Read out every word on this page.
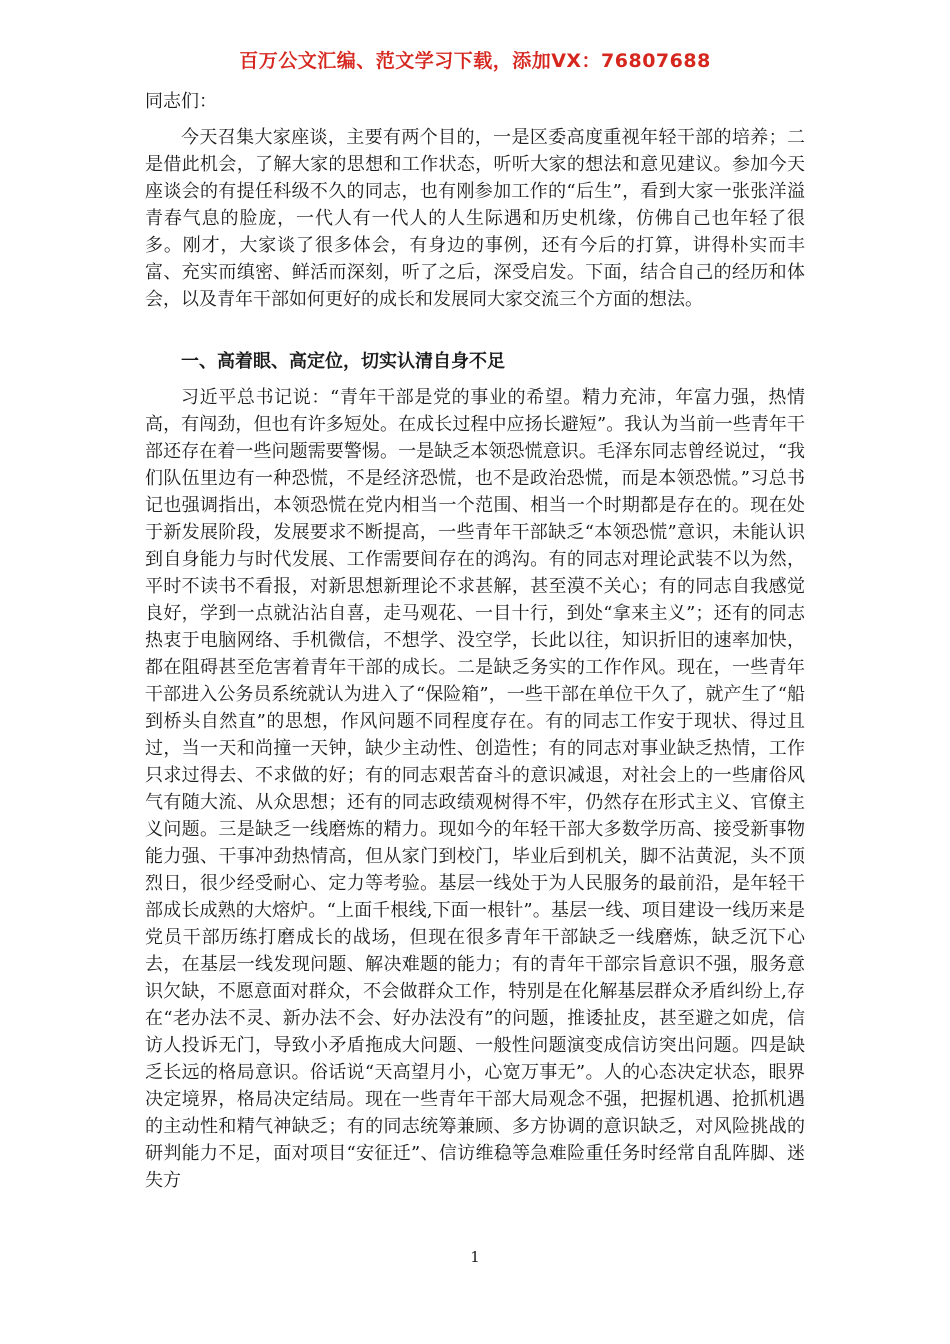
百万公文汇编、范文学习下载，添加VX：76807688

同志们：

今天召集大家座谈，主要有两个目的，一是区委高度重视年轻干部的培养；二是借此机会，了解大家的思想和工作状态，听听大家的想法和意见建议。参加今天座谈会的有提任科级不久的同志，也有刚参加工作的“后生”，看到大家一张张洋溢青春气息的脸庞，一代人有一代人的人生际遇和历史机缘，仿佛自己也年轻了很多。刚才，大家谈了很多体会，有身边的事例，还有今后的打算，讲得朴实而丰富、充实而缜密、鲜活而深刻，听了之后，深受启发。下面，结合自己的经历和体会，以及青年干部如何更好的成长和发展同大家交流三个方面的想法。

一、高着眼、高定位，切实认清自身不足

习近平总书记说：“青年干部是党的事业的希望。精力充沛，年富力强，热情高，有闯劲，但也有许多短处。在成长过程中应扬长避短”。我认为当前一些青年干部还存在着一些问题需要警惕。一是缺乏本领恐慌意识。毛泽东同志曾经说过，“我们队伍里边有一种恐慌，不是经济恐慌，也不是政治恐慌，而是本领恐慌。”习总书记也强调指出，本领恐慌在党内相当一个范围、相当一个时期都是存在的。现在处于新发展阶段，发展要求不断提高，一些青年干部缺乏“本领恐慌”意识，未能认识到自身能力与时代发展、工作需要间存在的鸿沟。有的同志对理论武装不以为然，平时不读书不看报，对新思想新理论不求甚解，甚至漠不关心；有的同志自我感觉良好，学到一点就沾沾自喜，走马观花、一目十行，到处“拿来主义”；还有的同志热衷于电脑网络、手机微信，不想学、没空学，长此以往，知识折旧的速率加快，都在阻碍甚至危害着青年干部的成长。二是缺乏务实的工作作风。现在，一些青年干部进入公务员系统就认为进入了“保险箱”，一些干部在单位干久了，就产生了“船到桥头自然直”的思想，作风问题不同程度存在。有的同志工作安于现状、得过且过，当一天和尚撞一天钟，缺少主动性、创造性；有的同志对事业缺乏热情，工作只求过得去、不求做的好；有的同志艰苦奋斗的意识减退，对社会上的一些庸俗风气有随大流、从众思想；还有的同志政绩观树得不牢，仍然存在形式主义、官僚主义问题。三是缺乏一线磨炼的精力。现如今的年轻干部大多数学历高、接受新事物能力强、干事冲劲热情高，但从家门到校门，毕业后到机关，脚不沾黄泥，头不顶烈日，很少经受耐心、定力等考验。基层一线处于为人民服务的最前沿，是年轻干部成长成熟的大熔炉。“上面千根线,下面一根针”。基层一线、项目建设一线历来是党员干部历练打磨成长的战场，但现在很多青年干部缺乏一线磨炼，缺乏沉下心去，在基层一线发现问题、解决难题的能力；有的青年干部宗旨意识不强，服务意识欠缺，不愿意面对群众，不会做群众工作，特别是在化解基层群众矛盾纠纷上,存在“老办法不灵、新办法不会、好办法没有”的问题，推诿扯皮，甚至避之如虎，信访人投诉无门，导致小矛盾拖成大问题、一般性问题演变成信访突出问题。四是缺乏长远的格局意识。俗话说“天高望月小，心宽万事无”。人的心态决定状态，眼界决定境界，格局决定结局。现在一些青年干部大局观念不强，把握机遇、抢抓机遇的主动性和精气神缺乏；有的同志统筹兼顾、多方协调的意识缺乏，对风险挑战的研判能力不足，面对项目“安征迁”、信访维稳等急难险重任务时经常自乱阵脚、迷失方

1
